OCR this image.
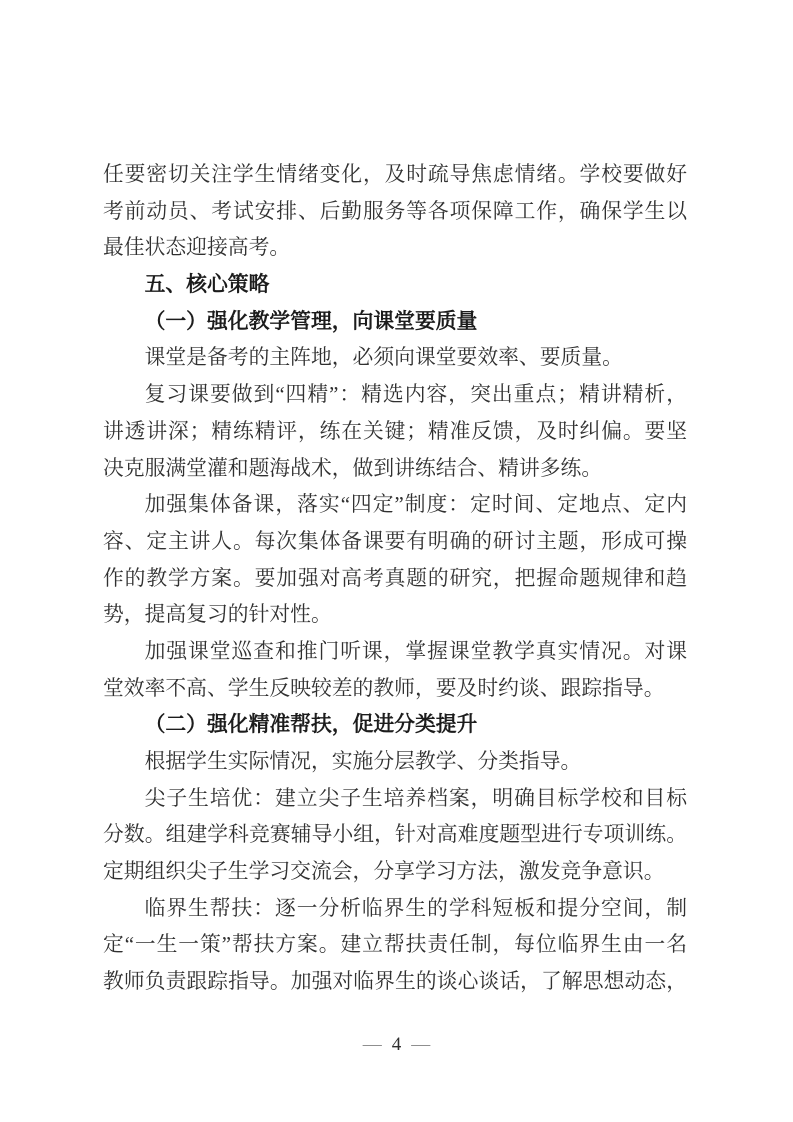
任要密切关注学生情绪变化，及时疏导焦虑情绪。学校要做好
考前动员、考试安排、后勤服务等各项保障工作，确保学生以
最佳状态迎接高考。
五、核心策略
（一）强化教学管理，向课堂要质量
课堂是备考的主阵地，必须向课堂要效率、要质量。
复习课要做到“四精”：精选内容，突出重点；精讲精析，
讲透讲深；精练精评，练在关键；精准反馈，及时纠偏。要坚
决克服满堂灌和题海战术，做到讲练结合、精讲多练。
加强集体备课，落实“四定”制度：定时间、定地点、定内
容、定主讲人。每次集体备课要有明确的研讨主题，形成可操
作的教学方案。要加强对高考真题的研究，把握命题规律和趋
势，提高复习的针对性。
加强课堂巡查和推门听课，掌握课堂教学真实情况。对课
堂效率不高、学生反映较差的教师，要及时约谈、跟踪指导。
（二）强化精准帮扶，促进分类提升
根据学生实际情况，实施分层教学、分类指导。
尖子生培优：建立尖子生培养档案，明确目标学校和目标
分数。组建学科竞赛辅导小组，针对高难度题型进行专项训练。
定期组织尖子生学习交流会，分享学习方法，激发竞争意识。
临界生帮扶：逐一分析临界生的学科短板和提分空间，制
定“一生一策”帮扶方案。建立帮扶责任制，每位临界生由一名
教师负责跟踪指导。加强对临界生的谈心谈话，了解思想动态，
— 4 —
